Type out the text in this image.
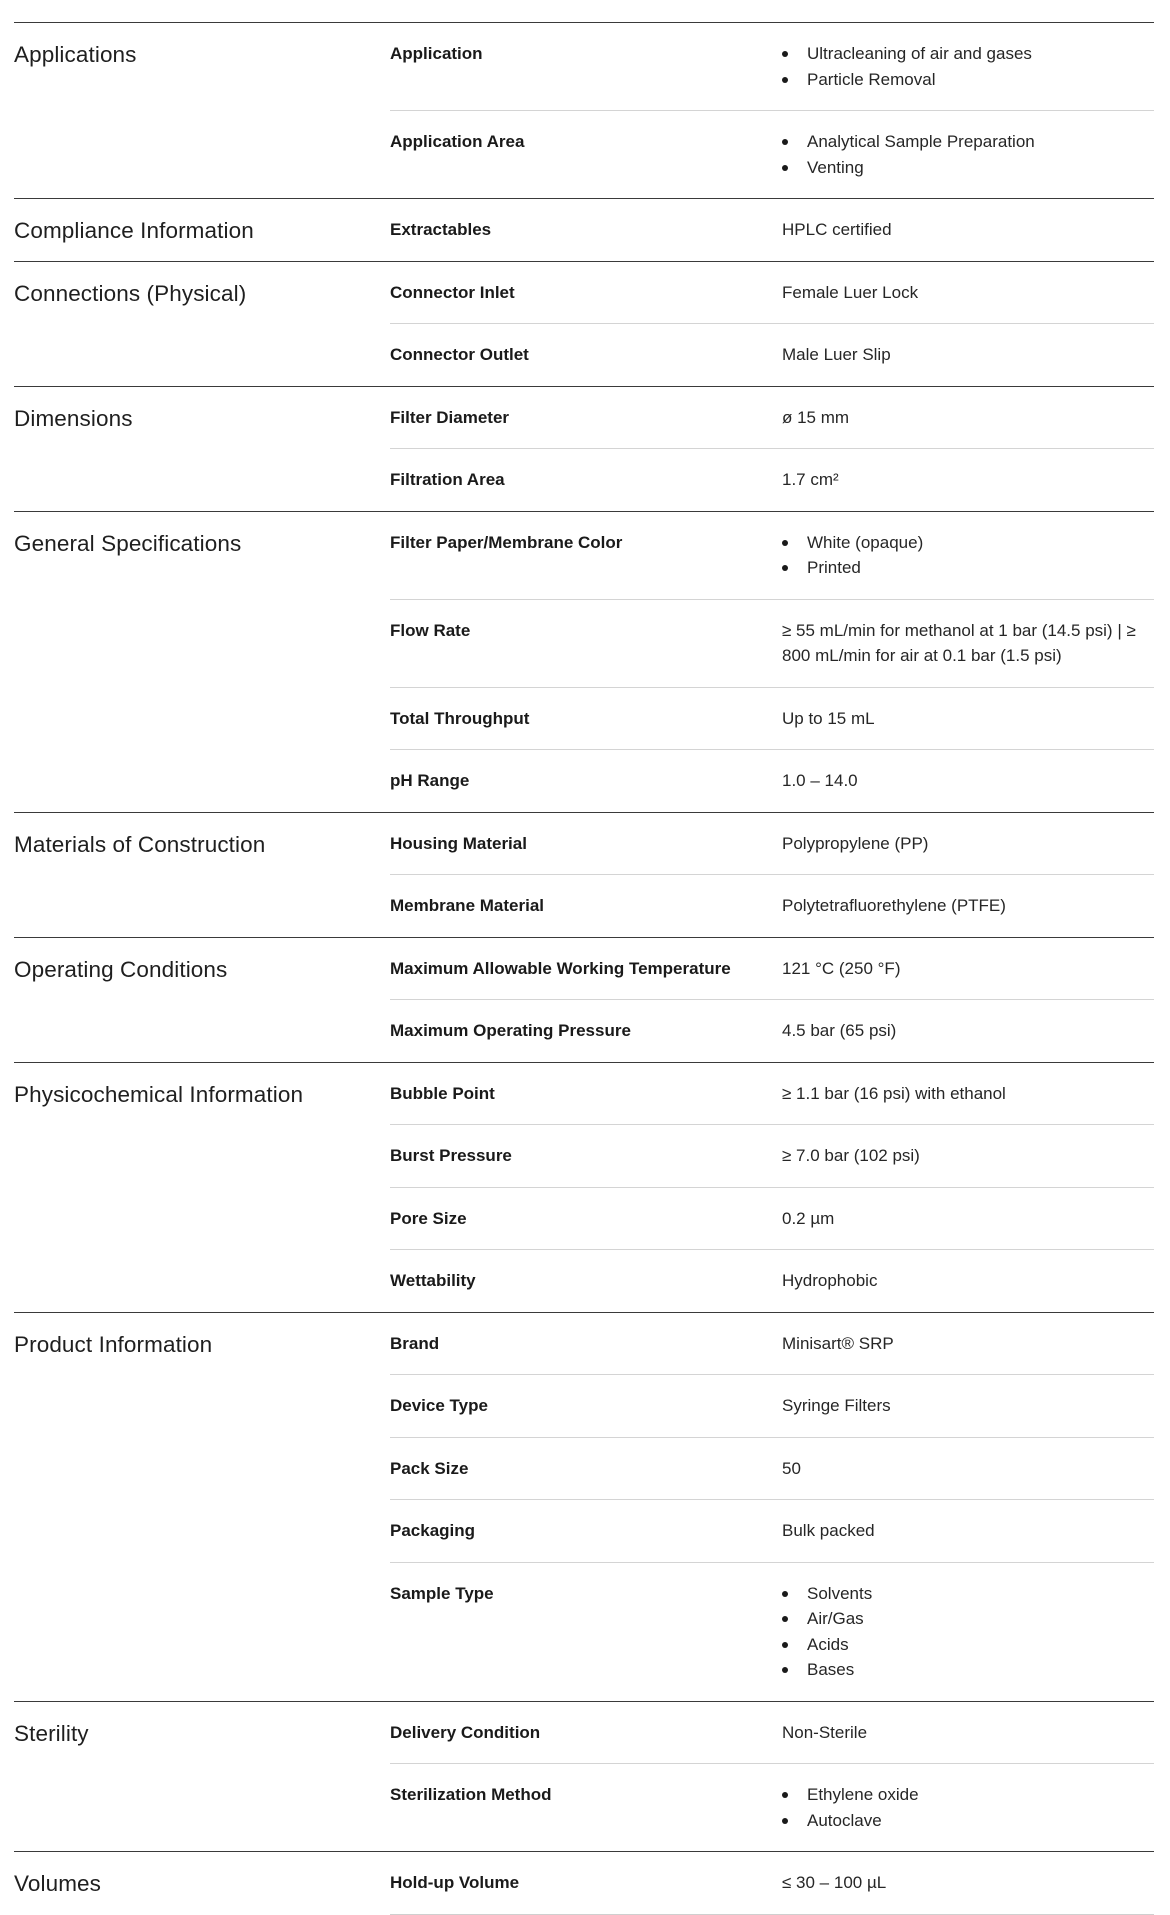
Applications	Application	Ultracleaning of air and gases
Particle Removal
Application Area	Analytical Sample Preparation
Venting
Compliance Information	Extractables	HPLC certified
Connections (Physical)	Connector Inlet	Female Luer Lock
Connector Outlet	Male Luer Slip
Dimensions	Filter Diameter	ø 15 mm
Filtration Area	1.7 cm²
General Specifications	Filter Paper/Membrane Color	White (opaque)
Printed
Flow Rate	≥ 55 mL/min for methanol at 1 bar (14.5 psi) | ≥ 800 mL/min for air at 0.1 bar (1.5 psi)
Total Throughput	Up to 15 mL
pH Range	1.0 – 14.0
Materials of Construction	Housing Material	Polypropylene (PP)
Membrane Material	Polytetrafluorethylene (PTFE)
Operating Conditions	Maximum Allowable Working Temperature	121 °C (250 °F)
Maximum Operating Pressure	4.5 bar (65 psi)
Physicochemical Information	Bubble Point	≥ 1.1 bar (16 psi) with ethanol
Burst Pressure	≥ 7.0 bar (102 psi)
Pore Size	0.2 µm
Wettability	Hydrophobic
Product Information	Brand	Minisart® SRP
Device Type	Syringe Filters
Pack Size	50
Packaging	Bulk packed
Sample Type	Solvents
Air/Gas
Acids
Bases
Sterility	Delivery Condition	Non-Sterile
Sterilization Method	Ethylene oxide
Autoclave
Volumes	Hold-up Volume	≤ 30 – 100 µL
